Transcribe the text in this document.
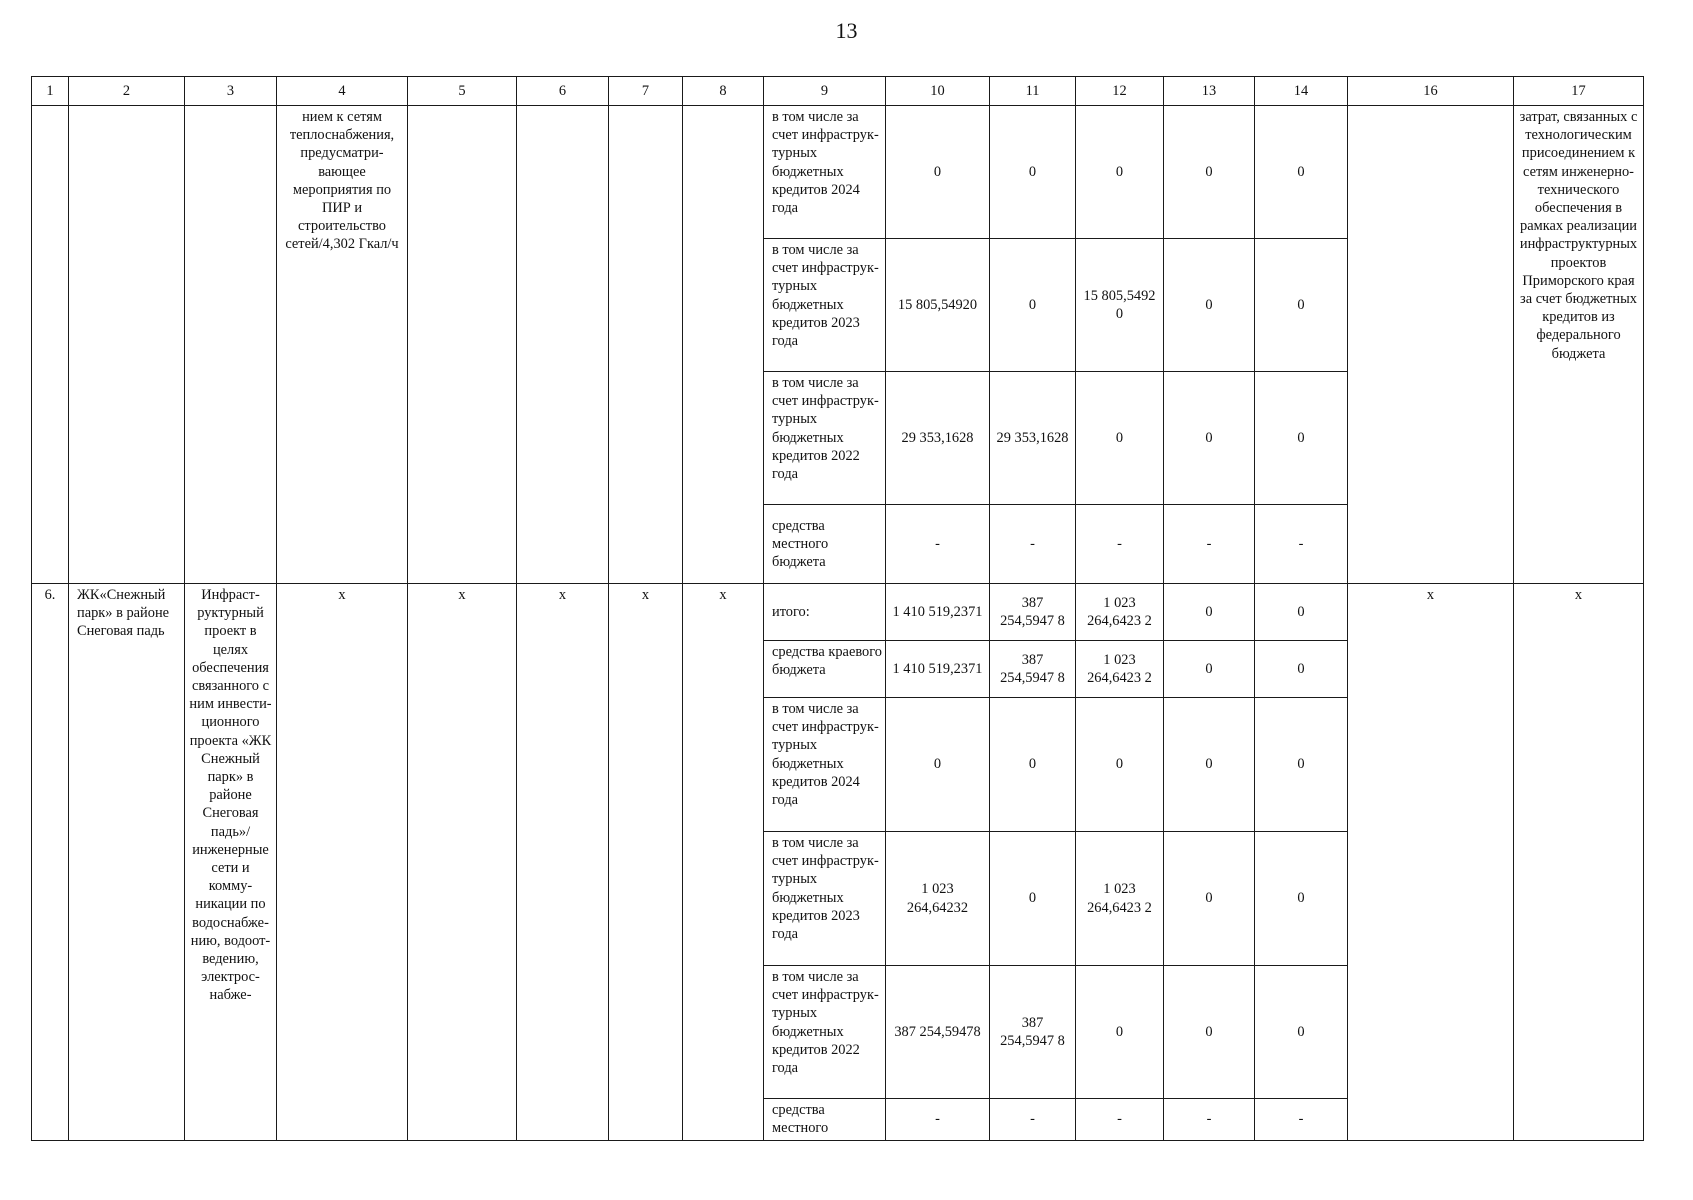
13
1	2	3	4	5	6	7	8	9	10	11	12	13	14	16	17
			нием к сетям теплоснабжения, предусматривающее мероприятия по ПИР и строительство сетей/4,302 Гкал/ч					в том числе за счет инфраструктурных бюджетных кредитов 2024 года	0	0	0	0	0		затрат, связанных с технологическим присоединением к сетям инженерно-технического обеспечения в рамках реализации инфраструктурных проектов Приморского края за счет бюджетных кредитов из федерального бюджета
								в том числе за счет инфраструктурных бюджетных кредитов 2023 года	15 805,54920	0	15 805,5492 0	0	0		
								в том числе за счет инфраструктурных бюджетных кредитов 2022 года	29 353,1628	29 353,1628	0	0	0		
								средства местного бюджета	-	-	-	-	-		
6.	ЖК«Снежный парк» в районе Снеговая падь	Инфраструктурный проект в целях обеспечения связанного с ним инвестиционного проекта «ЖК Снежный парк» в районе Снеговая падь»/ инженерные сети и коммуникации по водоснабжению, водоотведению, электроснабже-	x	x	x	x	x	итого:	1 410 519,2371	387 254,5947 8	1 023 264,6423 2	0	0	x	x
								средства краевого бюджета	1 410 519,2371	387 254,5947 8	1 023 264,6423 2	0	0		
								в том числе за счет инфраструктурных бюджетных кредитов 2024 года	0	0	0	0	0		
								в том числе за счет инфраструктурных бюджетных кредитов 2023 года	1 023 264,64232	0	1 023 264,6423 2	0	0		
								в том числе за счет инфраструктурных бюджетных кредитов 2022 года	387 254,59478	387 254,5947 8	0	0	0		
								средства местного	-	-	-	-	-		
